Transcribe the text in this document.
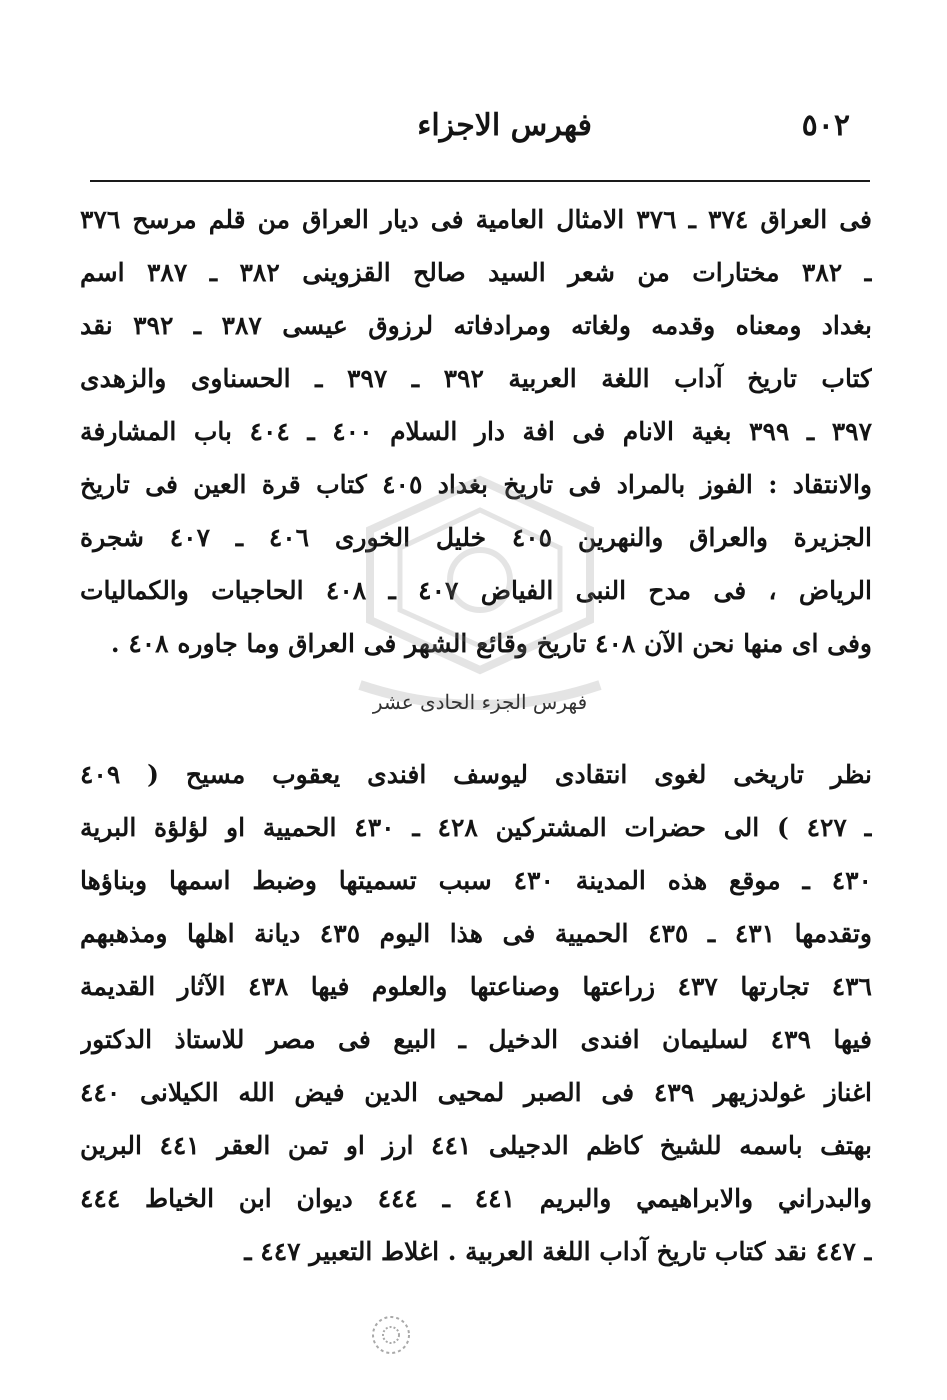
٥٠٢
فهرس الاجزاء
فى العراق ٣٧٤ ـ ٣٧٦ الامثال العامية فى ديار العراق من قلم مرسح ٣٧٦
ـ ٣٨٢ مختارات من شعر السيد صالح القزوينى ٣٨٢ ـ ٣٨٧ اسم
بغداد ومعناه وقدمه ولغاته ومرادفاته لرزوق عيسى ٣٨٧ ـ ٣٩٢ نقد
كتاب تاريخ آداب اللغة العربية ٣٩٢ ـ ٣٩٧ ـ الحسناوى والزهدى
٣٩٧ ـ ٣٩٩ بغية الانام فى افة دار السلام ٤٠٠ ـ ٤٠٤ باب المشارفة
والانتقاد : الفوز بالمراد فى تاريخ بغداد ٤٠٥ كتاب قرة العين فى تاريخ
الجزيرة والعراق والنهرين ٤٠٥ خليل الخورى ٤٠٦ ـ ٤٠٧ شجرة
الرياض ، فى مدح النبى الفياض ٤٠٧ ـ ٤٠٨ الحاجيات والكماليات
وفى اى منها نحن الآن ٤٠٨ تاريخ وقائع الشهر فى العراق وما جاوره ٤٠٨ .
فهرس الجزء الحادى عشر
نظر تاريخى لغوى انتقادى ليوسف افندى يعقوب مسيح ( ٤٠٩
ـ ٤٢٧ ) الى حضرات المشتركين ٤٢٨ ـ ٤٣٠ الحميية او لؤلؤة البرية
٤٣٠ ـ موقع هذه المدينة ٤٣٠ سبب تسميتها وضبط اسمها وبناؤها
وتقدمها ٤٣١ ـ ٤٣٥ الحميية فى هذا اليوم ٤٣٥ ديانة اهلها ومذهبهم
٤٣٦ تجارتها ٤٣٧ زراعتها وصناعتها والعلوم فيها ٤٣٨ الآثار القديمة
فيها ٤٣٩ لسليمان افندى الدخيل ـ البيع فى مصر للاستاذ الدكتور
اغناز غولدزيهر ٤٣٩ فى الصبر لمحيى الدين فيض الله الكيلانى ٤٤٠
بهتف باسمه للشيخ كاظم الدجيلى ٤٤١ ارز او تمن العقر ٤٤١ البرين
والبدراني والابراهيمي والبريم ٤٤١ ـ ٤٤٤ ديوان ابن الخياط ٤٤٤
ـ ٤٤٧ نقد كتاب تاريخ آداب اللغة العربية . اغلاط التعبير ٤٤٧ ـ
